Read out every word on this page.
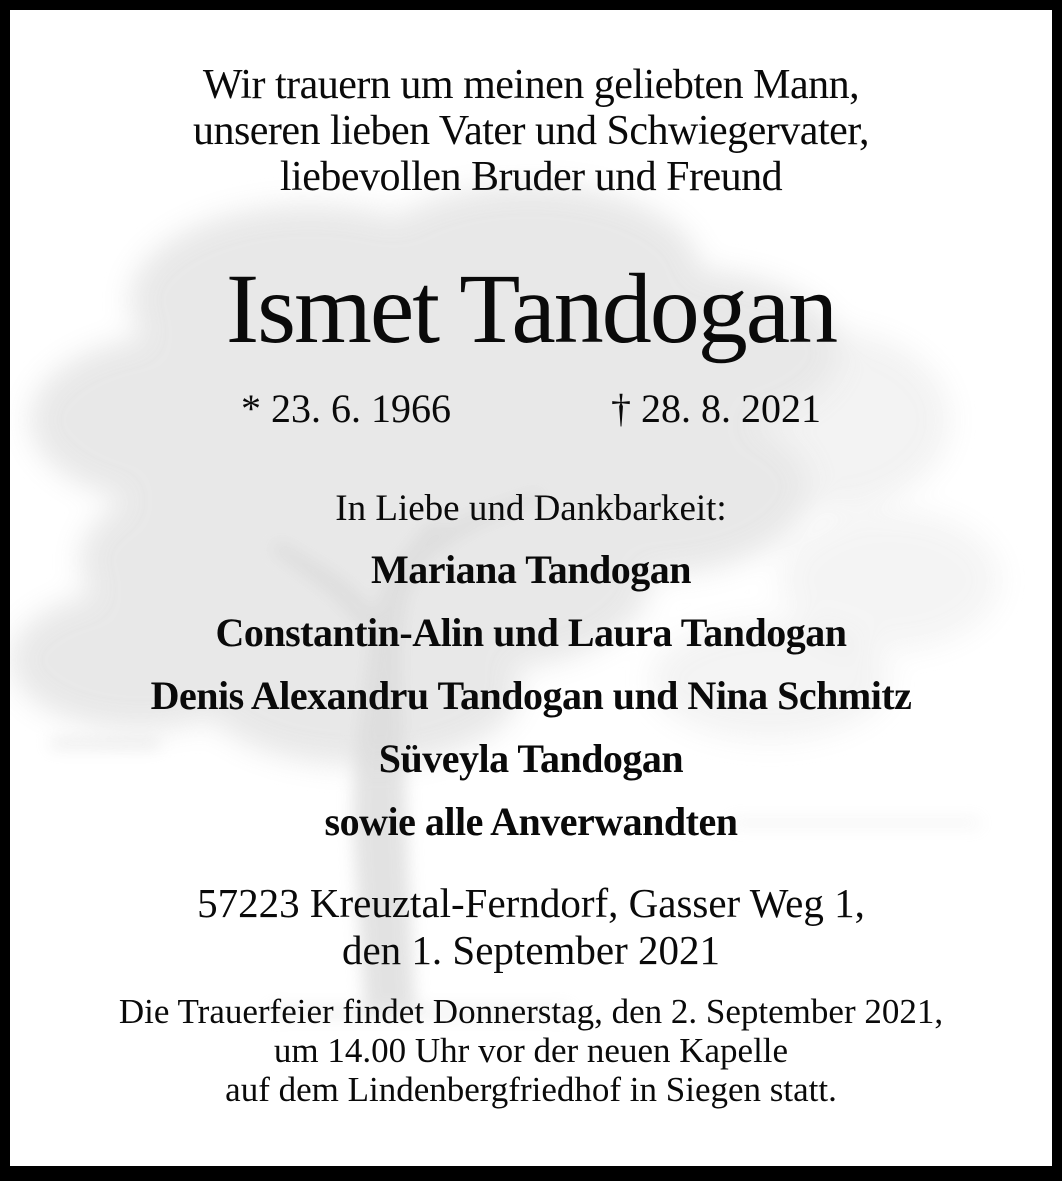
Wir trauern um meinen geliebten Mann,
unseren lieben Vater und Schwiegervater,
liebevollen Bruder und Freund
Ismet Tandogan
* 23. 6. 1966	† 28. 8. 2021
In Liebe und Dankbarkeit:
Mariana Tandogan
Constantin-Alin und Laura Tandogan
Denis Alexandru Tandogan und Nina Schmitz
Süveyla Tandogan
sowie alle Anverwandten
57223 Kreuztal-Ferndorf, Gasser Weg 1,
den 1. September 2021
Die Trauerfeier findet Donnerstag, den 2. September 2021,
um 14.00 Uhr vor der neuen Kapelle
auf dem Lindenbergfriedhof in Siegen statt.
